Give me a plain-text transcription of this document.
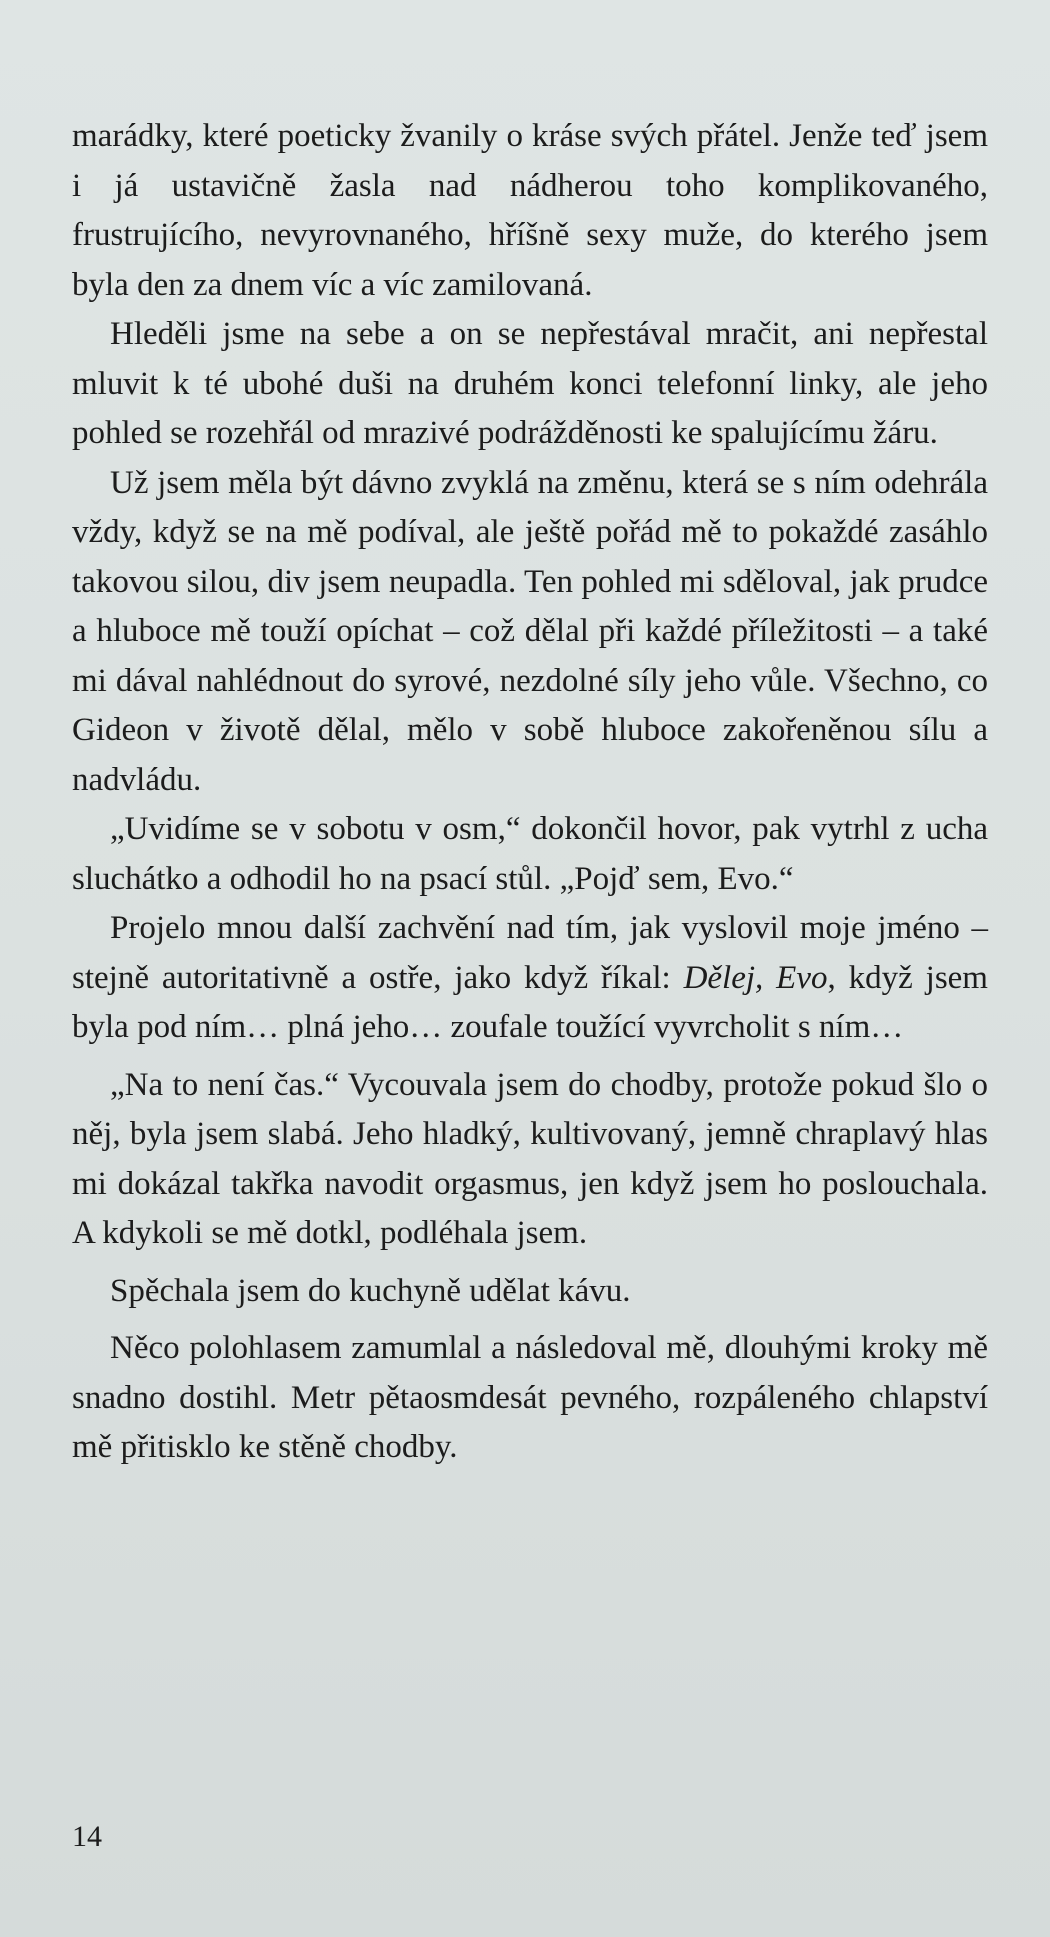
marádky, které poeticky žvanily o kráse svých přátel. Jenže teď jsem i já ustavičně žasla nad nádherou toho komplikovaného, frustrujícího, nevyrovnaného, hříšně sexy muže, do kterého jsem byla den za dnem víc a víc zamilovaná.

Hleděli jsme na sebe a on se nepřestával mračit, ani nepřestal mluvit k té ubohé duši na druhém konci telefonní linky, ale jeho pohled se rozehřál od mrazivé podrážděnosti ke spalujícímu žáru.

Už jsem měla být dávno zvyklá na změnu, která se s ním odehrála vždy, když se na mě podíval, ale ještě pořád mě to pokaždé zasáhlo takovou silou, div jsem neupadla. Ten pohled mi sděloval, jak prudce a hluboce mě touží opíchat – což dělal při každé příležitosti – a také mi dával nahlédnout do syrové, nezdolné síly jeho vůle. Všechno, co Gideon v životě dělal, mělo v sobě hluboce zakořeněnou sílu a nadvládu.

„Uvidíme se v sobotu v osm,“ dokončil hovor, pak vytrhl z ucha sluchátko a odhodil ho na psací stůl. „Pojď sem, Evo.“

Projelo mnou další zachvění nad tím, jak vyslovil moje jméno – stejně autoritativně a ostře, jako když říkal: Dělej, Evo, když jsem byla pod ním… plná jeho… zoufale toužící vyvrcholit s ním…

„Na to není čas.“ Vycouvala jsem do chodby, protože pokud šlo o něj, byla jsem slabá. Jeho hladký, kultivovaný, jemně chraplavý hlas mi dokázal takřka navodit orgasmus, jen když jsem ho poslouchala. A kdykoli se mě dotkl, podléhala jsem.

Spěchala jsem do kuchyně udělat kávu.

Něco polohlasem zamumlal a následoval mě, dlouhými kroky mě snadno dostihl. Metr pětaosmdesát pevného, rozpáleného chlapství mě přitisklo ke stěně chodby.

14
